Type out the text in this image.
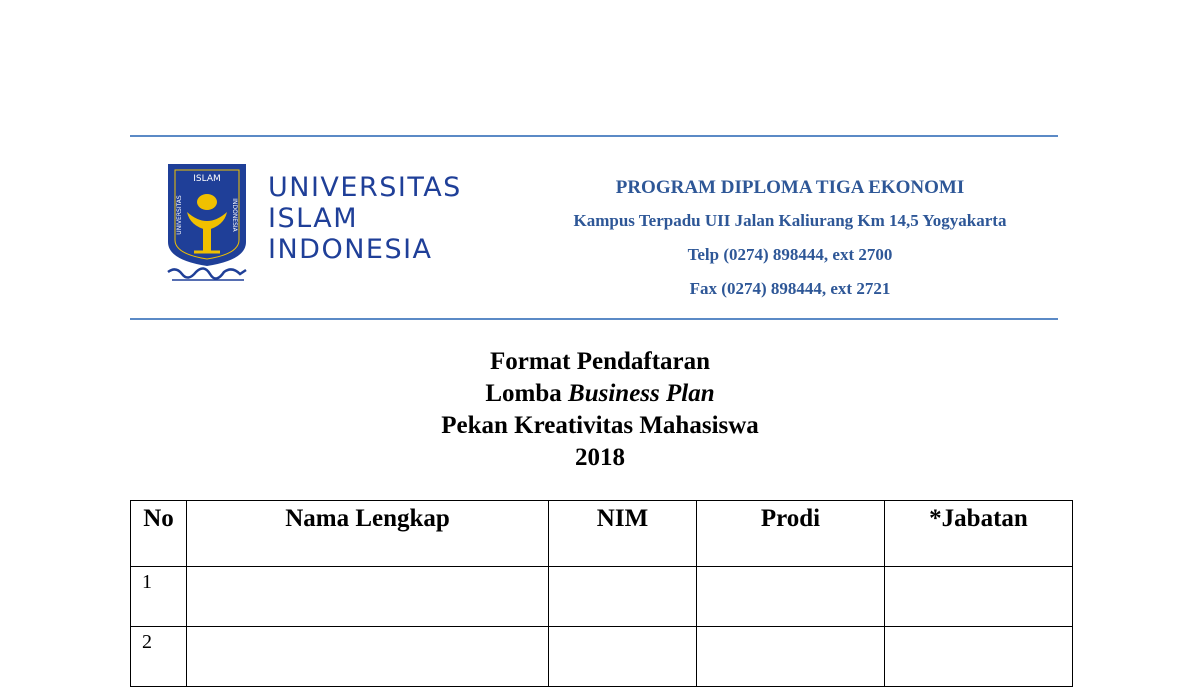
ISLAM
UNIVERSITAS	INDONESIA
UNIVERSITAS
ISLAM
INDONESIA
PROGRAM DIPLOMA TIGA EKONOMI
Kampus Terpadu UII Jalan Kaliurang Km 14,5 Yogyakarta
Telp (0274) 898444, ext 2700
Fax (0274) 898444, ext 2721
Format Pendaftaran
Lomba Business Plan
Pekan Kreativitas Mahasiswa
2018
No	Nama Lengkap	NIM	Prodi	*Jabatan
1				
2				
